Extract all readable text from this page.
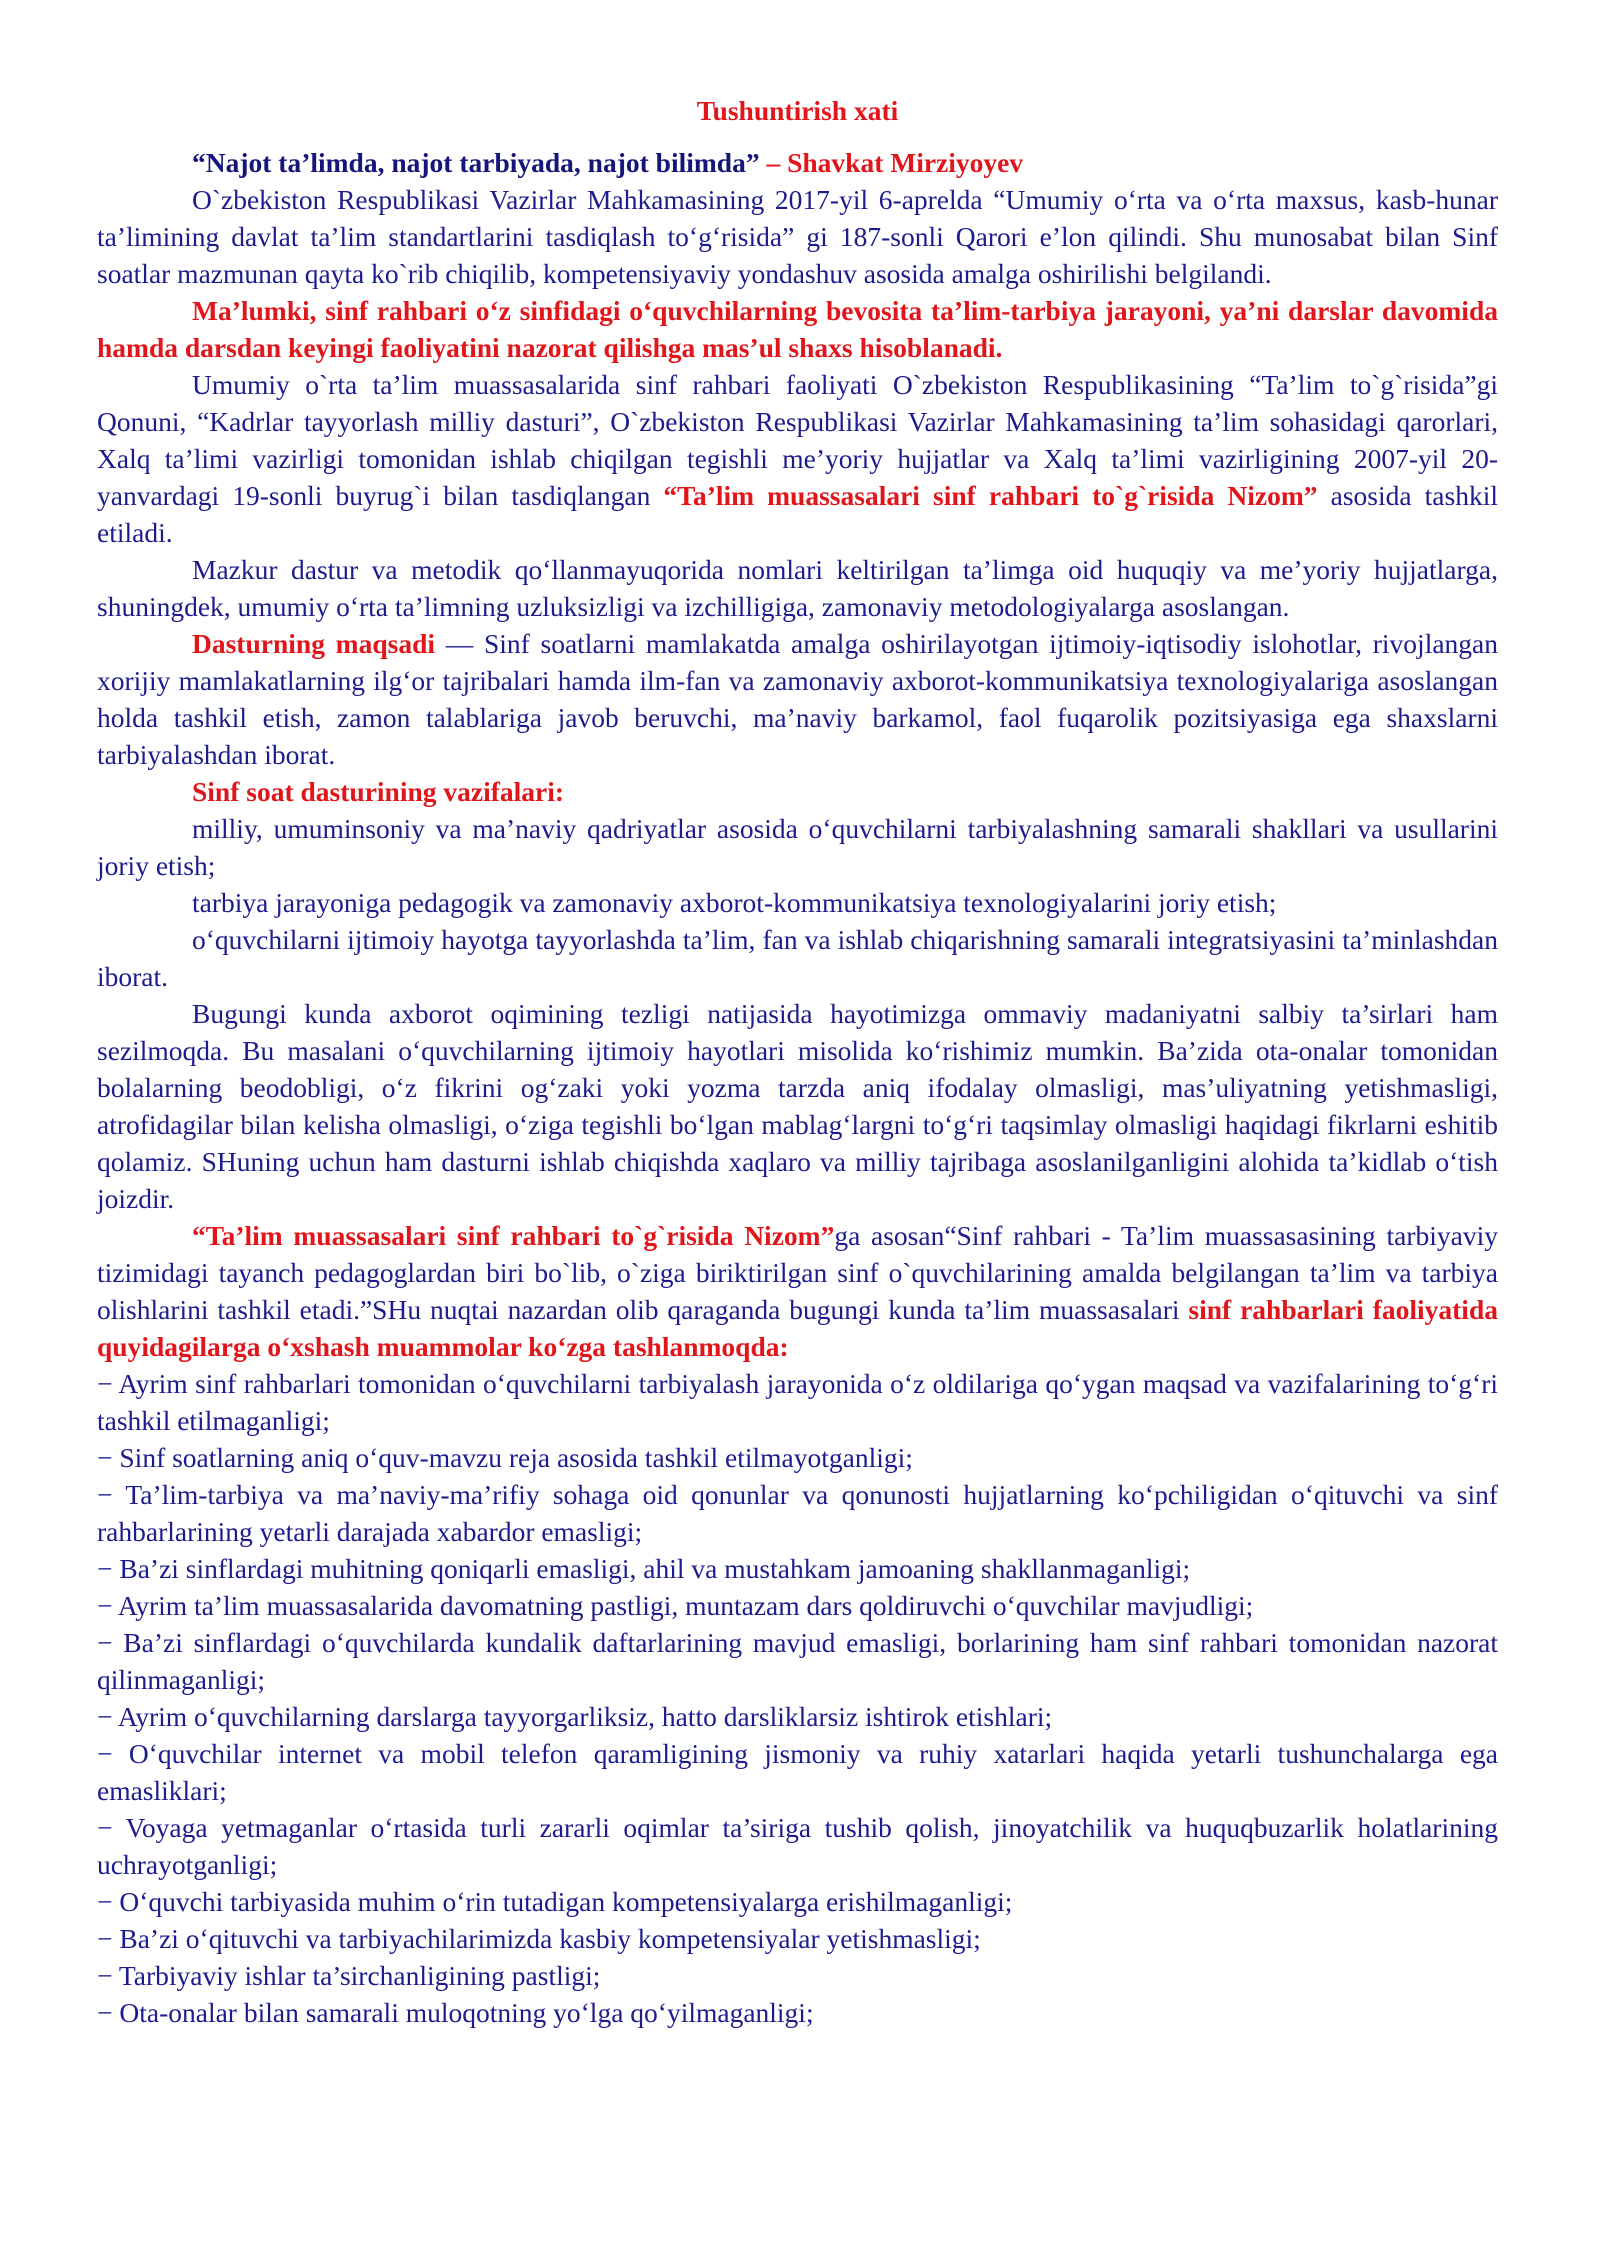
Tushuntirish xati

“Najot ta’limda, najot tarbiyada, najot bilimda” – Shavkat Mirziyoyev

O`zbekiston Respublikasi Vazirlar Mahkamasining 2017-yil 6-aprelda “Umumiy o‘rta va o‘rta maxsus, kasb-hunar ta’limining davlat ta’lim standartlarini tasdiqlash to‘g‘risida” gi 187-sonli Qarori e’lon qilindi. Shu munosabat bilan Sinf soatlar mazmunan qayta ko`rib chiqilib, kompetensiyaviy yondashuv asosida amalga oshirilishi belgilandi.

Ma’lumki, sinf rahbari o‘z sinfidagi o‘quvchilarning bevosita ta’lim-tarbiya jarayoni, ya’ni darslar davomida hamda darsdan keyingi faoliyatini nazorat qilishga mas’ul shaxs hisoblanadi.

Umumiy o`rta ta’lim muassasalarida sinf rahbari faoliyati O`zbekiston Respublikasining “Ta’lim to`g`risida”gi Qonuni, “Kadrlar tayyorlash milliy dasturi”, O`zbekiston Respublikasi Vazirlar Mahkamasining ta’lim sohasidagi qarorlari, Xalq ta’limi vazirligi tomonidan ishlab chiqilgan tegishli me’yoriy hujjatlar va Xalq ta’limi vazirligining 2007-yil 20-yanvardagi 19-sonli buyrug`i bilan tasdiqlangan “Ta’lim muassasalari sinf rahbari to`g`risida Nizom” asosida tashkil etiladi.

Mazkur dastur va metodik qo‘llanmayuqorida nomlari keltirilgan ta’limga oid huquqiy va me’yoriy hujjatlarga, shuningdek, umumiy o‘rta ta’limning uzluksizligi va izchilligiga, zamonaviy metodologiyalarga asoslangan.

Dasturning maqsadi — Sinf soatlarni mamlakatda amalga oshirilayotgan ijtimoiy-iqtisodiy islohotlar, rivojlangan xorijiy mamlakatlarning ilg‘or tajribalari hamda ilm-fan va zamonaviy axborot-kommunikatsiya texnologiyalariga asoslangan holda tashkil etish, zamon talablariga javob beruvchi, ma’naviy barkamol, faol fuqarolik pozitsiyasiga ega shaxslarni tarbiyalashdan iborat.

Sinf soat dasturining vazifalari:

milliy, umuminsoniy va ma’naviy qadriyatlar asosida o‘quvchilarni tarbiyalashning samarali shakllari va usullarini joriy etish;

tarbiya jarayoniga pedagogik va zamonaviy axborot-kommunikatsiya texnologiyalarini joriy etish;

o‘quvchilarni ijtimoiy hayotga tayyorlashda ta’lim, fan va ishlab chiqarishning samarali integratsiyasini ta’minlashdan iborat.

Bugungi kunda axborot oqimining tezligi natijasida hayotimizga ommaviy madaniyatni salbiy ta’sirlari ham sezilmoqda. Bu masalani o‘quvchilarning ijtimoiy hayotlari misolida ko‘rishimiz mumkin. Ba’zida ota-onalar tomonidan bolalarning beodobligi, o‘z fikrini og‘zaki yoki yozma tarzda aniq ifodalay olmasligi, mas’uliyatning yetishmasligi, atrofidagilar bilan kelisha olmasligi, o‘ziga tegishli bo‘lgan mablag‘largni to‘g‘ri taqsimlay olmasligi haqidagi fikrlarni eshitib qolamiz. SHuning uchun ham dasturni ishlab chiqishda xaqlaro va milliy tajribaga asoslanilganligini alohida ta’kidlab o‘tish joizdir.

“Ta’lim muassasalari sinf rahbari to`g`risida Nizom”ga asosan“Sinf rahbari - Ta’lim muassasasining tarbiyaviy tizimidagi tayanch pedagoglardan biri bo`lib, o`ziga biriktirilgan sinf o`quvchilarining amalda belgilangan ta’lim va tarbiya olishlarini tashkil etadi.”SHu nuqtai nazardan olib qaraganda bugungi kunda ta’lim muassasalari sinf rahbarlari faoliyatida quyidagilarga o‘xshash muammolar ko‘zga tashlanmoqda:

− Ayrim sinf rahbarlari tomonidan o‘quvchilarni tarbiyalash jarayonida o‘z oldilariga qo‘ygan maqsad va vazifalarining to‘g‘ri tashkil etilmaganligi;

− Sinf soatlarning aniq o‘quv-mavzu reja asosida tashkil etilmayotganligi;

− Ta’lim-tarbiya va ma’naviy-ma’rifiy sohaga oid qonunlar va qonunosti hujjatlarning ko‘pchiligidan o‘qituvchi va sinf rahbarlarining yetarli darajada xabardor emasligi;

− Ba’zi sinflardagi muhitning qoniqarli emasligi, ahil va mustahkam jamoaning shakllanmaganligi;

− Ayrim ta’lim muassasalarida davomatning pastligi, muntazam dars qoldiruvchi o‘quvchilar mavjudligi;

− Ba’zi sinflardagi o‘quvchilarda kundalik daftarlarining mavjud emasligi, borlarining ham sinf rahbari tomonidan nazorat qilinmaganligi;

− Ayrim o‘quvchilarning darslarga tayyorgarliksiz, hatto darsliklarsiz ishtirok etishlari;

− O‘quvchilar internet va mobil telefon qaramligining jismoniy va ruhiy xatarlari haqida yetarli tushunchalarga ega emasliklari;

− Voyaga yetmaganlar o‘rtasida turli zararli oqimlar ta’siriga tushib qolish, jinoyatchilik va huquqbuzarlik holatlarining uchrayotganligi;

− O‘quvchi tarbiyasida muhim o‘rin tutadigan kompetensiyalarga erishilmaganligi;

− Ba’zi o‘qituvchi va tarbiyachilarimizda kasbiy kompetensiyalar yetishmasligi;

− Tarbiyaviy ishlar ta’sirchanligining pastligi;

− Ota-onalar bilan samarali muloqotning yo‘lga qo‘yilmaganligi;
